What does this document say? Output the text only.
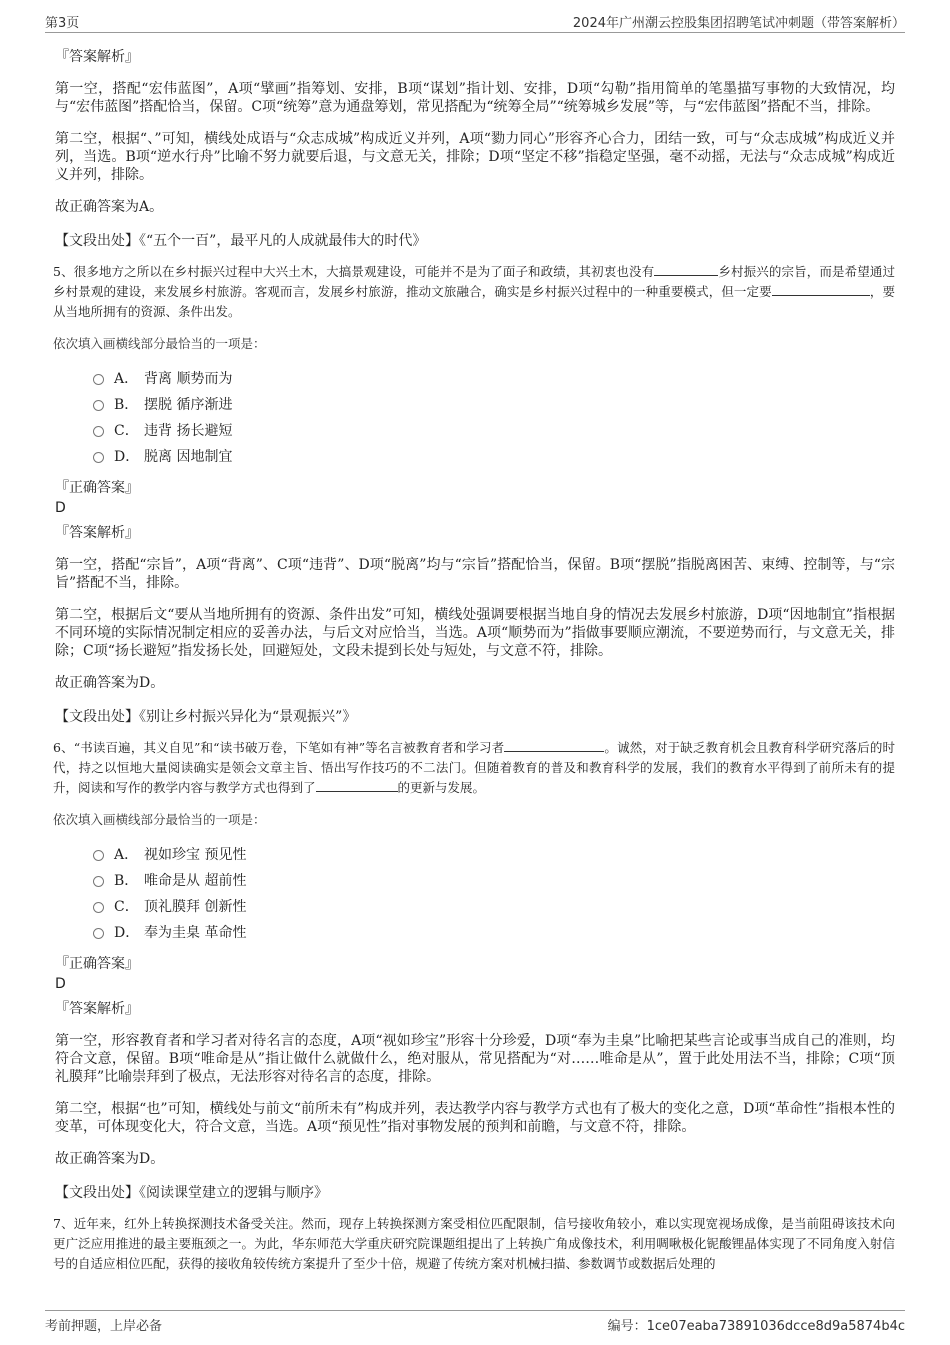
第3页	2024年广州潮云控股集团招聘笔试冲刺题（带答案解析）
『答案解析』

第一空，搭配“宏伟蓝图”，A项“擘画”指筹划、安排，B项“谋划”指计划、安排，D项“勾勒”指用简单的笔墨描写事物的大致情况，均与“宏伟蓝图”搭配恰当，保留。C项“统筹”意为通盘筹划，常见搭配为“统筹全局”“统筹城乡发展”等，与“宏伟蓝图”搭配不当，排除。

第二空，根据“、”可知，横线处成语与“众志成城”构成近义并列，A项“勠力同心”形容齐心合力，团结一致，可与“众志成城”构成近义并列，当选。B项“逆水行舟”比喻不努力就要后退，与文意无关，排除；D项“坚定不移”指稳定坚强，毫不动摇，无法与“众志成城”构成近义并列，排除。

故正确答案为A。

【文段出处】《“五个一百”，最平凡的人成就最伟大的时代》

5、很多地方之所以在乡村振兴过程中大兴土木，大搞景观建设，可能并不是为了面子和政绩，其初衷也没有	乡村振兴的宗旨，而是希望通过乡村景观的建设，来发展乡村旅游。客观而言，发展乡村旅游，推动文旅融合，确实是乡村振兴过程中的一种重要模式，但一定要	，要从当地所拥有的资源、条件出发。

依次填入画横线部分最恰当的一项是：

A． 背离 顺势而为
B． 摆脱 循序渐进
C． 违背 扬长避短
D． 脱离 因地制宜

『正确答案』

D

『答案解析』

第一空，搭配“宗旨”，A项“背离”、C项“违背”、D项“脱离”均与“宗旨”搭配恰当，保留。B项“摆脱”指脱离困苦、束缚、控制等，与“宗旨”搭配不当，排除。

第二空，根据后文“要从当地所拥有的资源、条件出发”可知，横线处强调要根据当地自身的情况去发展乡村旅游，D项“因地制宜”指根据不同环境的实际情况制定相应的妥善办法，与后文对应恰当，当选。A项“顺势而为”指做事要顺应潮流，不要逆势而行，与文意无关，排除；C项“扬长避短”指发扬长处，回避短处，文段未提到长处与短处，与文意不符，排除。

故正确答案为D。

【文段出处】《别让乡村振兴异化为“景观振兴”》

6、“书读百遍，其义自见”和“读书破万卷，下笔如有神”等名言被教育者和学习者	。诚然，对于缺乏教育机会且教育科学研究落后的时代，持之以恒地大量阅读确实是领会文章主旨、悟出写作技巧的不二法门。但随着教育的普及和教育科学的发展，我们的教育水平得到了前所未有的提升，阅读和写作的教学内容与教学方式也得到了	的更新与发展。

依次填入画横线部分最恰当的一项是：

A． 视如珍宝 预见性
B． 唯命是从 超前性
C． 顶礼膜拜 创新性
D． 奉为圭臬 革命性

『正确答案』

D

『答案解析』

第一空，形容教育者和学习者对待名言的态度，A项“视如珍宝”形容十分珍爱，D项“奉为圭臬”比喻把某些言论或事当成自己的准则，均符合文意，保留。B项“唯命是从”指让做什么就做什么，绝对服从，常见搭配为“对……唯命是从”，置于此处用法不当，排除；C项“顶礼膜拜”比喻崇拜到了极点，无法形容对待名言的态度，排除。

第二空，根据“也”可知，横线处与前文“前所未有”构成并列，表达教学内容与教学方式也有了极大的变化之意，D项“革命性”指根本性的变革，可体现变化大，符合文意，当选。A项“预见性”指对事物发展的预判和前瞻，与文意不符，排除。

故正确答案为D。

【文段出处】《阅读课堂建立的逻辑与顺序》

7、近年来，红外上转换探测技术备受关注。然而，现存上转换探测方案受相位匹配限制，信号接收角较小，难以实现宽视场成像，是当前阻碍该技术向更广泛应用推进的最主要瓶颈之一。为此，华东师范大学重庆研究院课题组提出了上转换广角成像技术，利用啁啾极化铌酸锂晶体实现了不同角度入射信号的自适应相位匹配，获得的接收角较传统方案提升了至少十倍，规避了传统方案对机械扫描、参数调节或数据后处理的

考前押题，上岸必备	编号：1ce07eaba73891036dcce8d9a5874b4c
